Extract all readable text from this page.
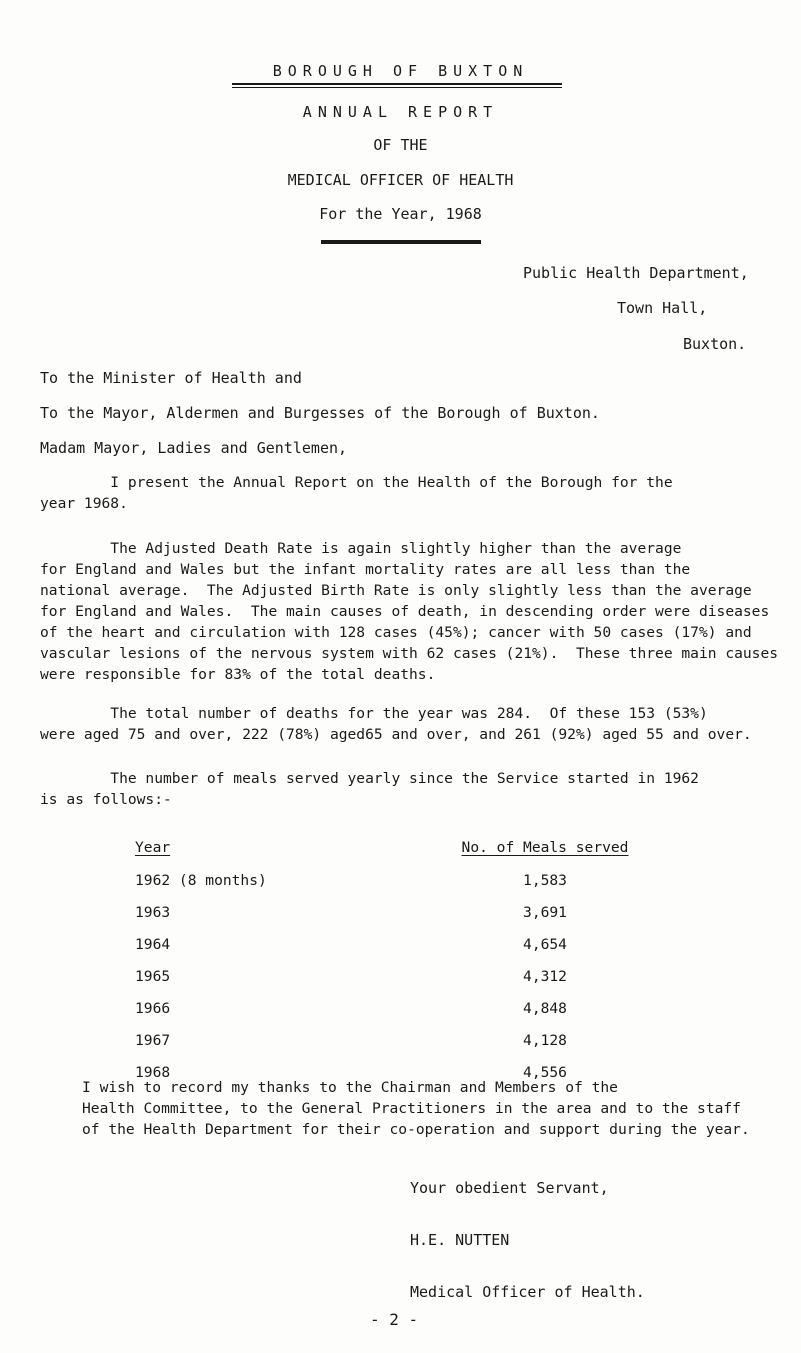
BOROUGH OF BUXTON
ANNUAL REPORT
OF THE
MEDICAL OFFICER OF HEALTH
For the Year, 1968
Public Health Department,
Town Hall,
Buxton.
To the Minister of Health and
To the Mayor, Aldermen and Burgesses of the Borough of Buxton.
Madam Mayor, Ladies and Gentlemen,
I present the Annual Report on the Health of the Borough for the
year 1968.
The Adjusted Death Rate is again slightly higher than the average
for England and Wales but the infant mortality rates are all less than the
national average.  The Adjusted Birth Rate is only slightly less than the average
for England and Wales.  The main causes of death, in descending order were diseases
of the heart and circulation with 128 cases (45%); cancer with 50 cases (17%) and
vascular lesions of the nervous system with 62 cases (21%).  These three main causes
were responsible for 83% of the total deaths.
The total number of deaths for the year was 284.  Of these 153 (53%)
were aged 75 and over, 222 (78%) aged65 and over, and 261 (92%) aged 55 and over.
The number of meals served yearly since the Service started in 1962
is as follows:-
Year	No. of Meals served
1962 (8 months)	1,583
1963	3,691
1964	4,654
1965	4,312
1966	4,848
1967	4,128
1968	4,556
I wish to record my thanks to the Chairman and Members of the
Health Committee, to the General Practitioners in the area and to the staff
of the Health Department for their co-operation and support during the year.
Your obedient Servant,
H.E. NUTTEN
Medical Officer of Health.
- 2 -
